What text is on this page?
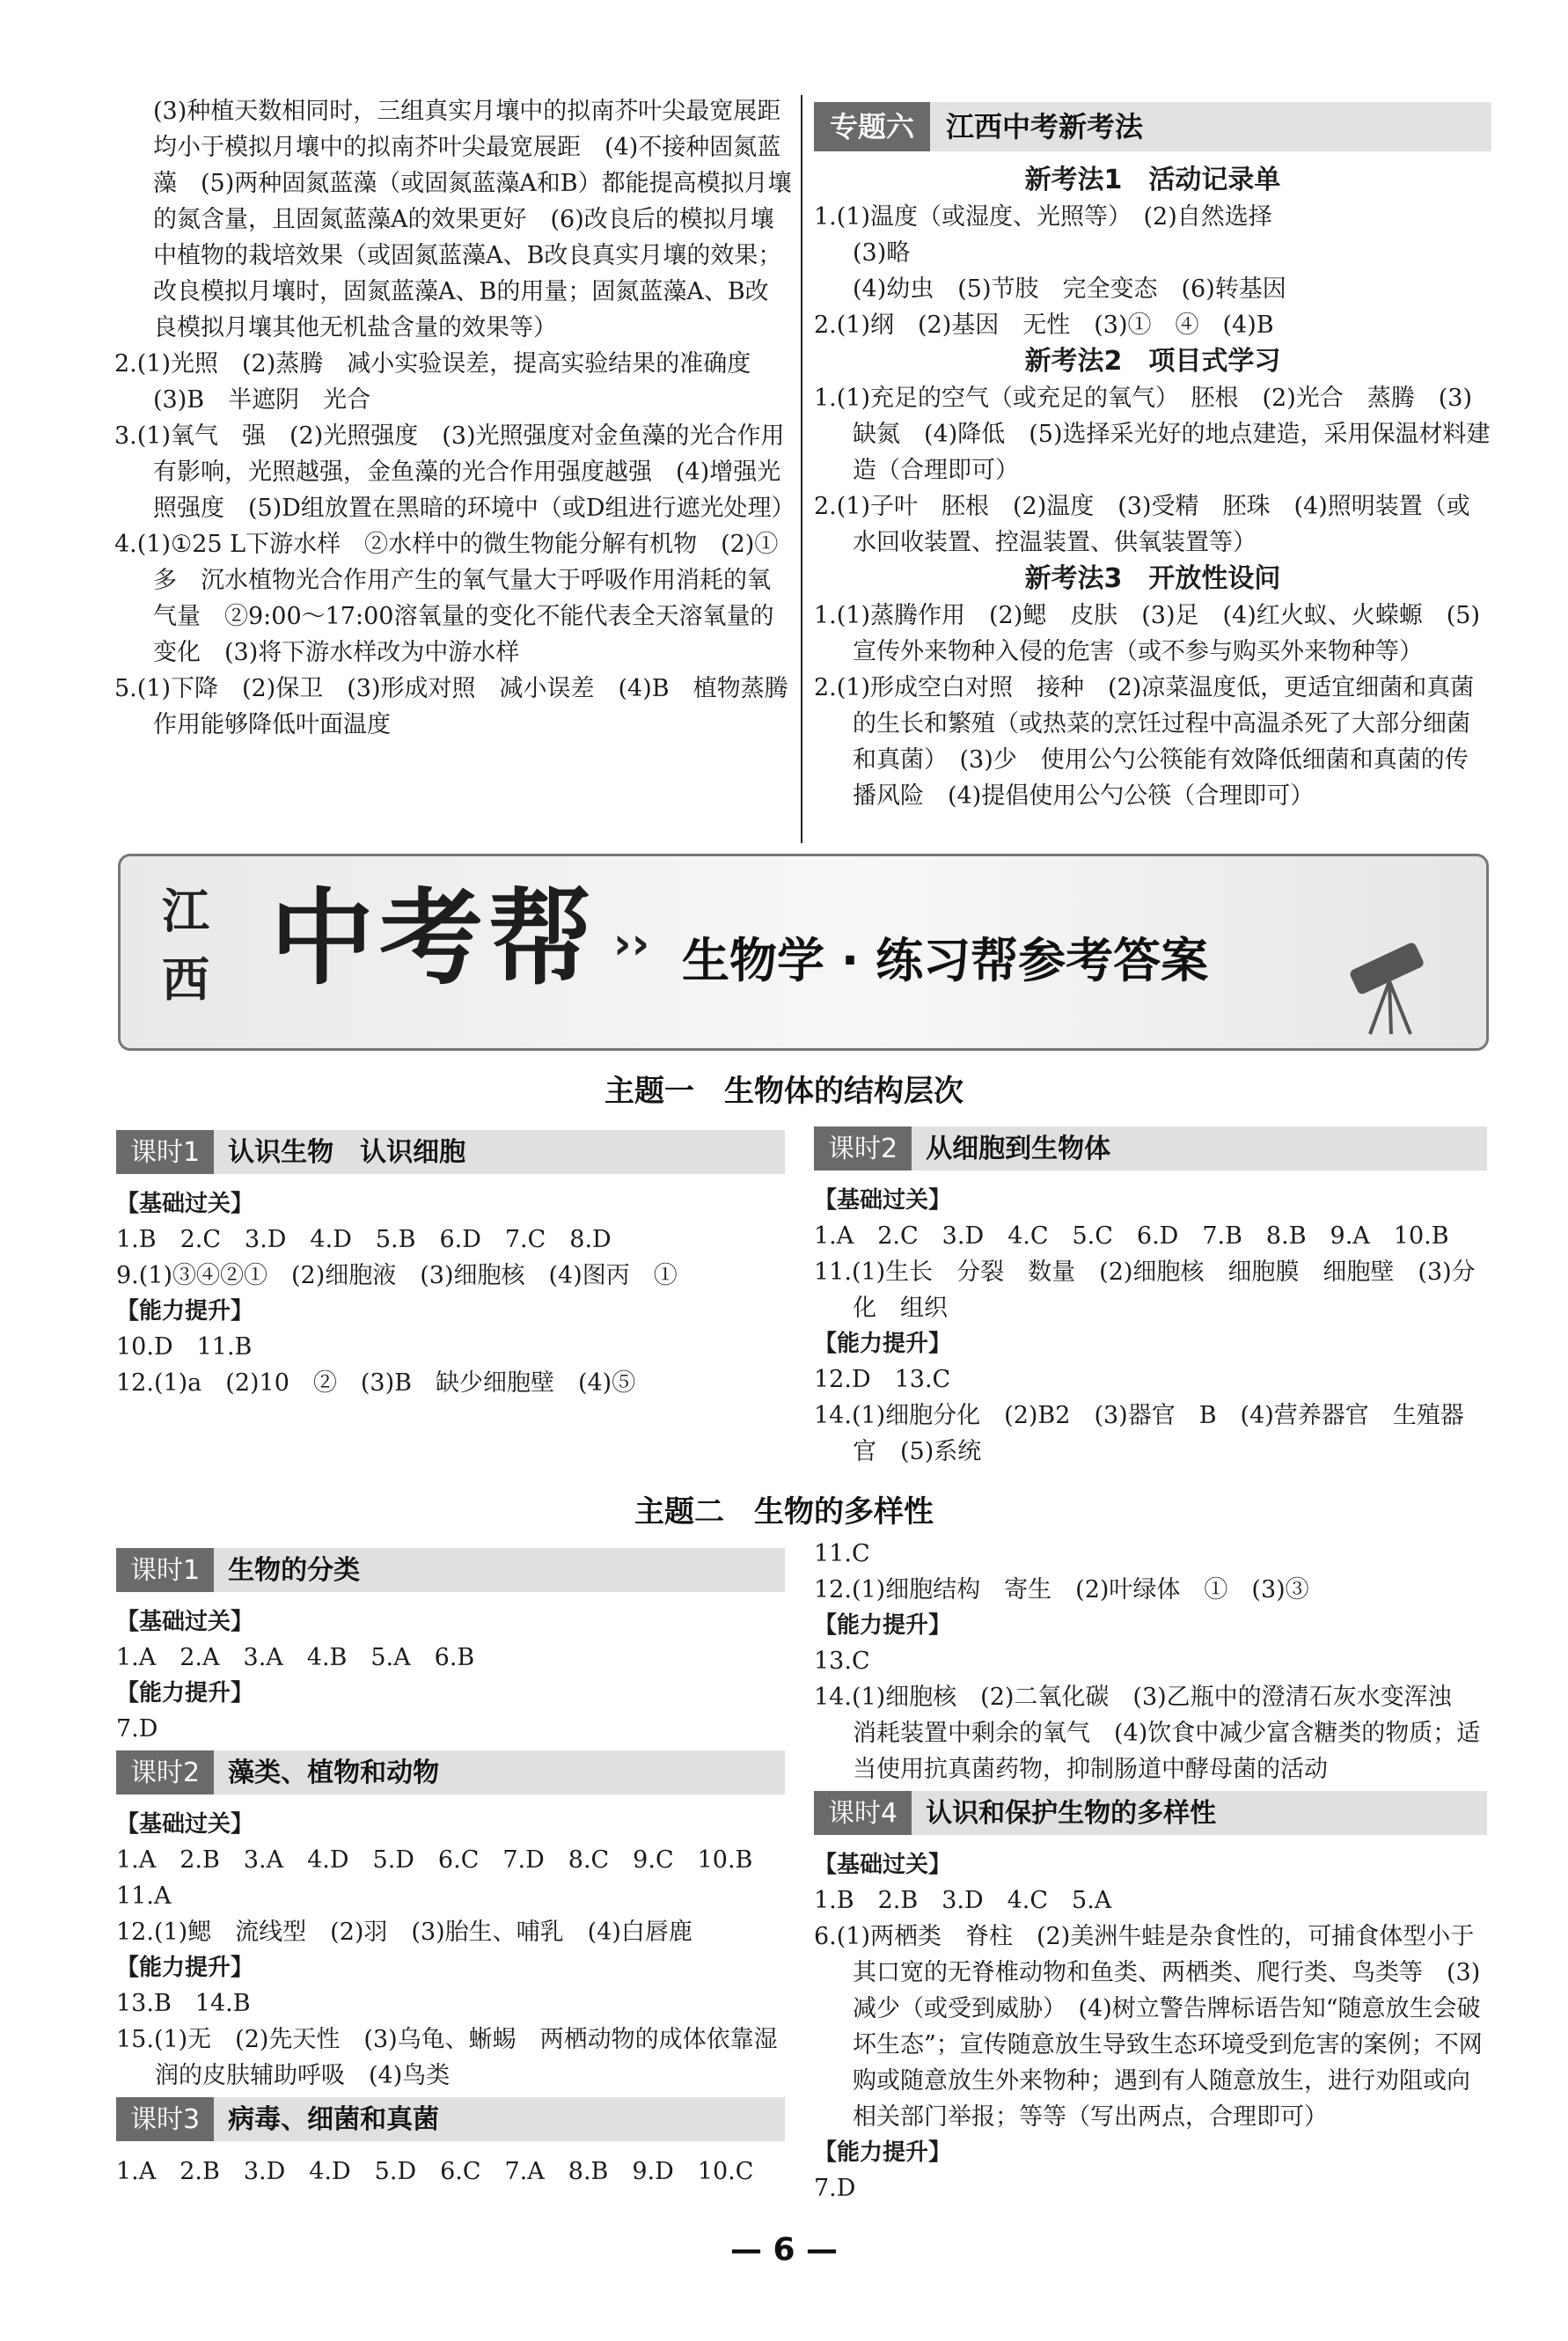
(3)种植天数相同时，三组真实月壤中的拟南芥叶尖最宽展距均小于模拟月壤中的拟南芥叶尖最宽展距　(4)不接种固氮蓝藻　(5)两种固氮蓝藻（或固氮蓝藻A和B）都能提高模拟月壤的氮含量，且固氮蓝藻A的效果更好　(6)改良后的模拟月壤中植物的栽培效果（或固氮蓝藻A、B改良真实月壤的效果；改良模拟月壤时，固氮蓝藻A、B的用量；固氮蓝藻A、B改良模拟月壤其他无机盐含量的效果等）

2.(1)光照　(2)蒸腾　减小实验误差，提高实验结果的准确度　(3)B　半遮阴　光合

3.(1)氧气　强　(2)光照强度　(3)光照强度对金鱼藻的光合作用有影响，光照越强，金鱼藻的光合作用强度越强　(4)增强光照强度　(5)D组放置在黑暗的环境中（或D组进行遮光处理）

4.(1)①25 L下游水样　②水样中的微生物能分解有机物　(2)①多　沉水植物光合作用产生的氧气量大于呼吸作用消耗的氧气量　②9:00～17:00溶氧量的变化不能代表全天溶氧量的变化　(3)将下游水样改为中游水样

5.(1)下降　(2)保卫　(3)形成对照　减小误差　(4)B　植物蒸腾作用能够降低叶面温度

专题六	江西中考新考法
新考法1　活动记录单

1.(1)温度（或湿度、光照等）　(2)自然选择

(3)略

(4)幼虫　(5)节肢　完全变态　(6)转基因

2.(1)纲　(2)基因　无性　(3)①　④　(4)B

新考法2　项目式学习

1.(1)充足的空气（或充足的氧气）　胚根　(2)光合　蒸腾　(3)缺氮　(4)降低　(5)选择采光好的地点建造，采用保温材料建造（合理即可）

2.(1)子叶　胚根　(2)温度　(3)受精　胚珠　(4)照明装置（或水回收装置、控温装置、供氧装置等）

新考法3　开放性设问

1.(1)蒸腾作用　(2)鳃　皮肤　(3)足　(4)红火蚁、火蝾螈　(5)宣传外来物种入侵的危害（或不参与购买外来物种等）

2.(1)形成空白对照　接种　(2)凉菜温度低，更适宜细菌和真菌的生长和繁殖（或热菜的烹饪过程中高温杀死了大部分细菌和真菌）　(3)少　使用公勺公筷能有效降低细菌和真菌的传播风险　(4)提倡使用公勺公筷（合理即可）

江
西 中考帮 ›› 生物学 · 练习帮参考答案
主题一　生物体的结构层次
课时1	认识生物　认识细胞
【基础过关】

1.B　2.C　3.D　4.D　5.B　6.D　7.C　8.D

9.(1)③④②①　(2)细胞液　(3)细胞核　(4)图丙　①

【能力提升】

10.D　11.B

12.(1)a　(2)10　②　(3)B　缺少细胞壁　(4)⑤

课时2	从细胞到生物体
【基础过关】

1.A　2.C　3.D　4.C　5.C　6.D　7.B　8.B　9.A　10.B

11.(1)生长　分裂　数量　(2)细胞核　细胞膜　细胞壁　(3)分化　组织

【能力提升】

12.D　13.C

14.(1)细胞分化　(2)B2　(3)器官　B　(4)营养器官　生殖器官　(5)系统

主题二　生物的多样性
课时1	生物的分类
【基础过关】

1.A　2.A　3.A　4.B　5.A　6.B

【能力提升】

7.D

课时2	藻类、植物和动物
【基础过关】

1.A　2.B　3.A　4.D　5.D　6.C　7.D　8.C　9.C　10.B

11.A

12.(1)鳃　流线型　(2)羽　(3)胎生、哺乳　(4)白唇鹿

【能力提升】

13.B　14.B

15.(1)无　(2)先天性　(3)乌龟、蜥蜴　两栖动物的成体依靠湿润的皮肤辅助呼吸　(4)鸟类

课时3	病毒、细菌和真菌

1.A　2.B　3.D　4.D　5.D　6.C　7.A　8.B　9.D　10.C

11.C

12.(1)细胞结构　寄生　(2)叶绿体　①　(3)③

【能力提升】

13.C

14.(1)细胞核　(2)二氧化碳　(3)乙瓶中的澄清石灰水变浑浊　消耗装置中剩余的氧气　(4)饮食中减少富含糖类的物质；适当使用抗真菌药物，抑制肠道中酵母菌的活动

课时4	认识和保护生物的多样性
【基础过关】

1.B　2.B　3.D　4.C　5.A

6.(1)两栖类　脊柱　(2)美洲牛蛙是杂食性的，可捕食体型小于其口宽的无脊椎动物和鱼类、两栖类、爬行类、鸟类等　(3)减少（或受到威胁）　(4)树立警告牌标语告知“随意放生会破坏生态”；宣传随意放生导致生态环境受到危害的案例；不网购或随意放生外来物种；遇到有人随意放生，进行劝阻或向相关部门举报；等等（写出两点，合理即可）

【能力提升】

7.D

— 6 —
